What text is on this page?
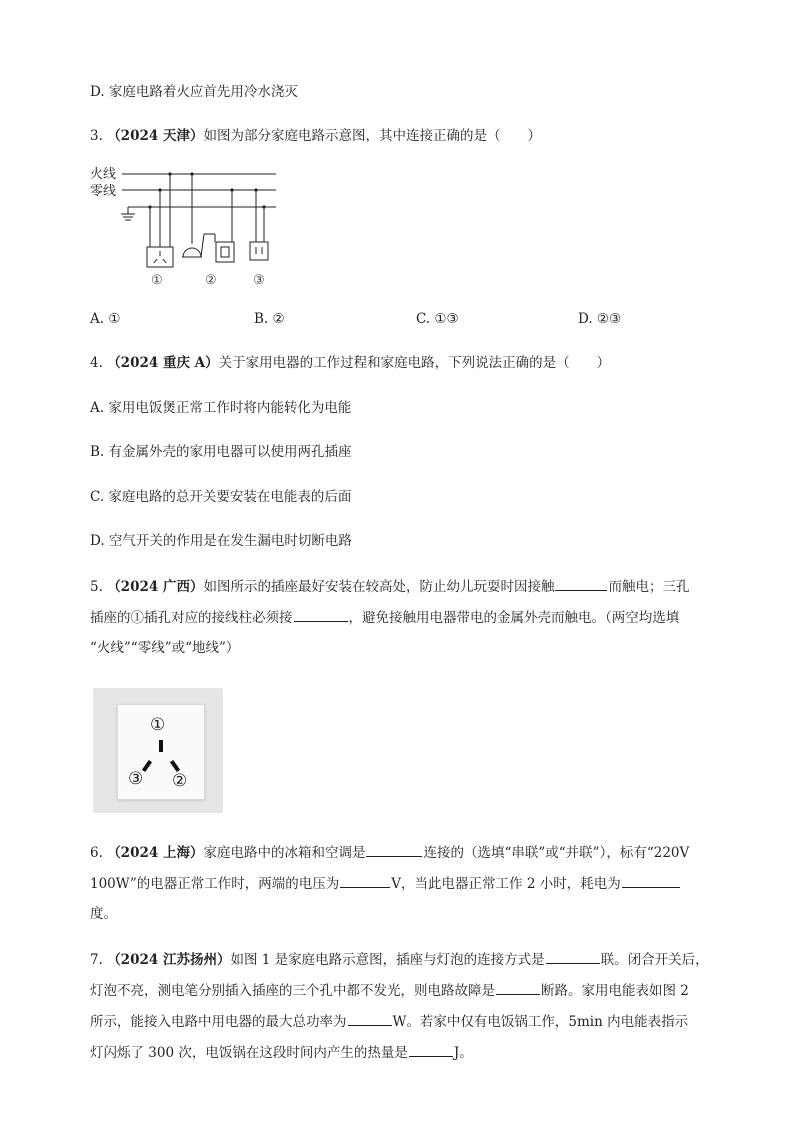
D. 家庭电路着火应首先用冷水浇灭
3. （2024 天津）如图为部分家庭电路示意图，其中连接正确的是（　　）
火线
零线
①	②	③
A. ①	B. ②	C. ①③	D. ②③
4. （2024 重庆 A）关于家用电器的工作过程和家庭电路，下列说法正确的是（　　）
A. 家用电饭煲正常工作时将内能转化为电能
B. 有金属外壳的家用电器可以使用两孔插座
C. 家庭电路的总开关要安装在电能表的后面
D. 空气开关的作用是在发生漏电时切断电路
5. （2024 广西）如图所示的插座最好安装在较高处，防止幼儿玩耍时因接触	而触电；三孔
插座的①插孔对应的接线柱必须接	，避免接触用电器带电的金属外壳而触电。（两空均选填
“火线”“零线”或“地线”）
①
③ ②
6. （2024 上海）家庭电路中的冰箱和空调是	连接的（选填“串联”或“并联”），标有“220V
100W”的电器正常工作时，两端的电压为	V，当此电器正常工作 2 小时，耗电为
度。
7. （2024 江苏扬州）如图 1 是家庭电路示意图，插座与灯泡的连接方式是	联。闭合开关后，
灯泡不亮，测电笔分别插入插座的三个孔中都不发光，则电路故障是	断路。家用电能表如图 2
所示，能接入电路中用电器的最大总功率为	W。若家中仅有电饭锅工作，5min 内电能表指示
灯闪烁了 300 次，电饭锅在这段时间内产生的热量是	J。
